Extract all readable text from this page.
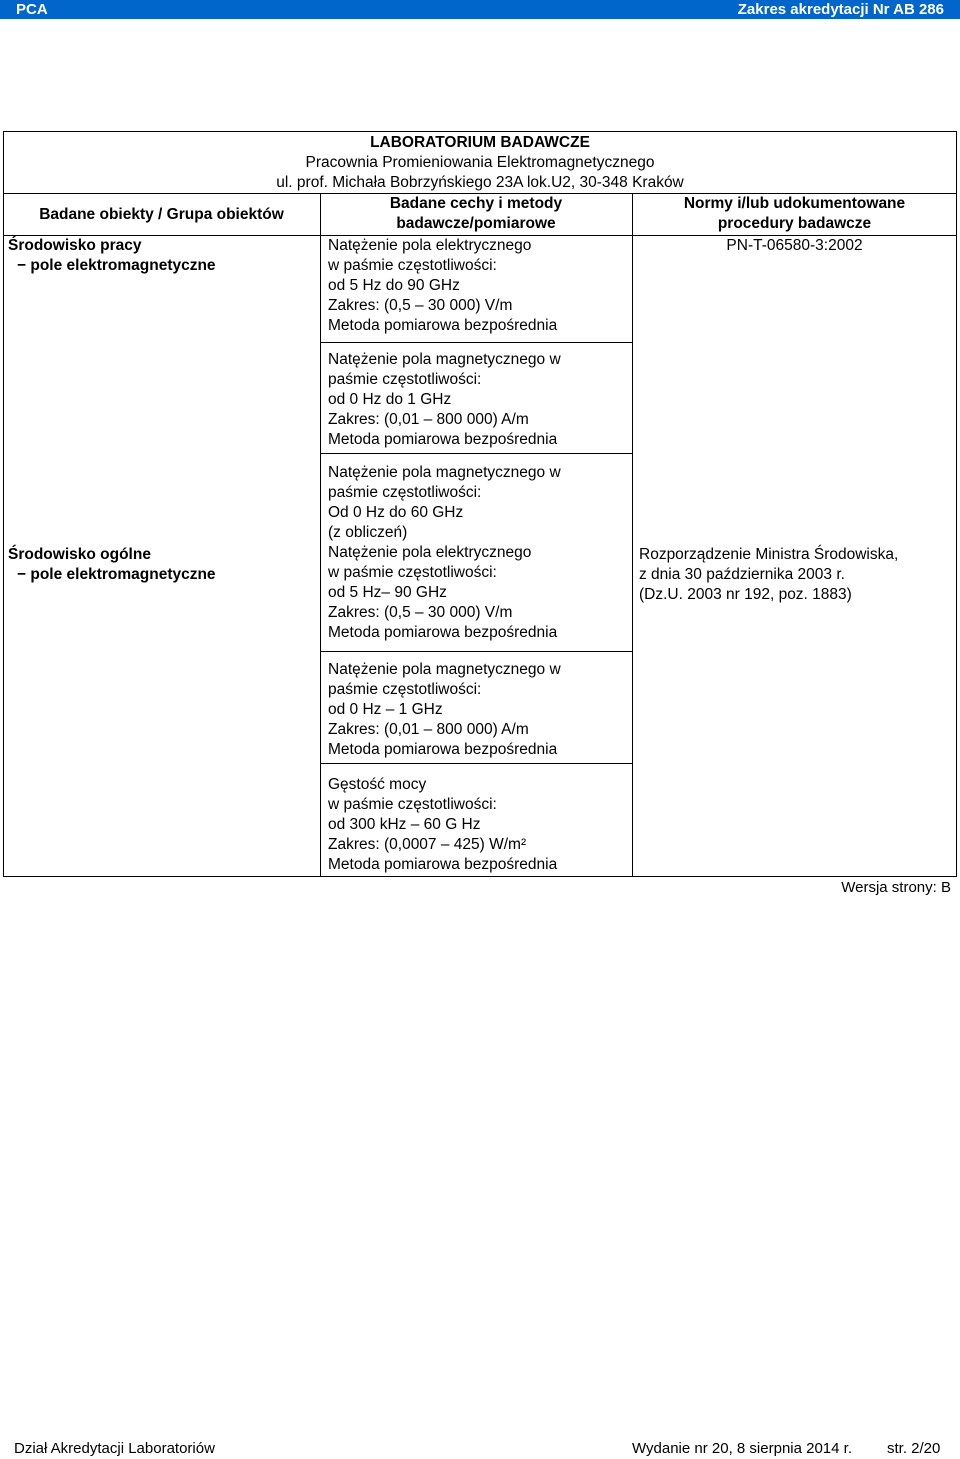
PCA	Zakres akredytacji Nr AB 286
LABORATORIUM BADAWCZE
Pracownia Promieniowania Elektromagnetycznego
ul. prof. Michała Bobrzyńskiego 23A lok.U2, 30-348 Kraków
Badane obiekty / Grupa obiektów
Badane cechy i metody
badawcze/pomiarowe
Normy i/lub udokumentowane
procedury badawcze
Środowisko pracy
− pole elektromagnetyczne
PN-T-06580-3:2002
Natężenie pola elektrycznego
w paśmie częstotliwości:
od 5 Hz do 90 GHz
Zakres: (0,5 – 30 000) V/m
Metoda pomiarowa bezpośrednia
Natężenie pola magnetycznego w
paśmie częstotliwości:
od 0 Hz do 1 GHz
Zakres: (0,01 – 800 000) A/m
Metoda pomiarowa bezpośrednia
Środowisko ogólne
− pole elektromagnetyczne
Rozporządzenie Ministra Środowiska,
z dnia 30 października 2003 r.
(Dz.U. 2003 nr 192, poz. 1883)
Natężenie pola magnetycznego w
paśmie częstotliwości:
Od 0 Hz do 60 GHz
(z obliczeń)
Natężenie pola elektrycznego
w paśmie częstotliwości:
od 5 Hz– 90 GHz
Zakres: (0,5 – 30 000) V/m
Metoda pomiarowa bezpośrednia
Natężenie pola magnetycznego w
paśmie częstotliwości:
od 0 Hz – 1 GHz
Zakres: (0,01 – 800 000) A/m
Metoda pomiarowa bezpośrednia
Gęstość mocy
w paśmie częstotliwości:
od 300 kHz – 60 G Hz
Zakres: (0,0007 – 425) W/m²
Metoda pomiarowa bezpośrednia
Wersja strony: B
Dział Akredytacji Laboratoriów	Wydanie nr 20, 8 sierpnia 2014 r. str. 2/20
